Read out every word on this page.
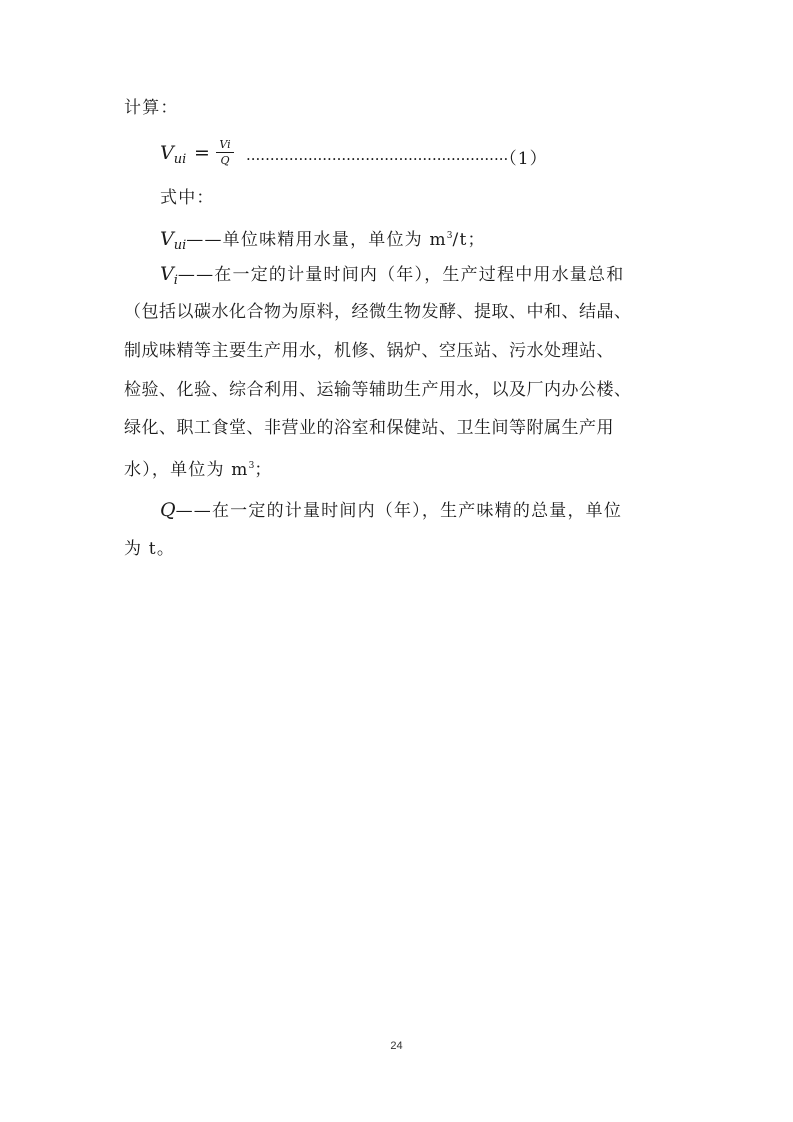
计算：
$V_{ui} = Vi$
Q ·······················································（1）
式中：
$V_{ui}——$单位味精用水量，单位为 $m^3/t$；
$V_i——$在一定的计量时间内（年），生产过程中用水量总和
（包括以碳水化合物为原料，经微生物发酵、提取、中和、结晶、
制成味精等主要生产用水，机修、锅炉、空压站、污水处理站、
检验、化验、综合利用、运输等辅助生产用水，以及厂内办公楼、
绿化、职工食堂、非营业的浴室和保健站、卫生间等附属生产用
水），单位为 $m^3$；
Q——在一定的计量时间内（年），生产味精的总量，单位
为 t。
24
